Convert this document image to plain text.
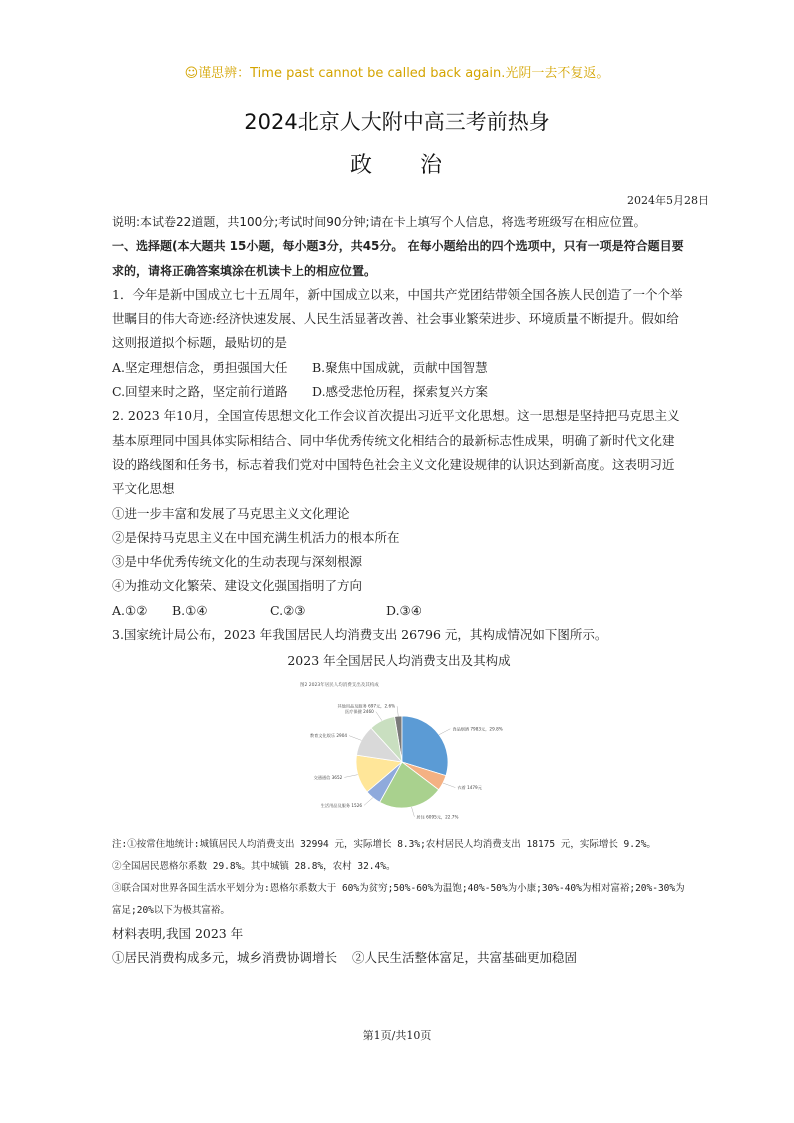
☺谨思辨：Time past cannot be called back again.光阴一去不复返。
2024北京人大附中高三考前热身
政 治
2024年5月28日

说明:本试卷22道题，共100分;考试时间90分钟;请在卡上填写个人信息，将选考班级写在相应位置。

一、选择题(本大题共 15小题，每小题3分，共45分。 在每小题给出的四个选项中，只有一项是符合题目要求的，请将正确答案填涂在机读卡上的相应位置。

1．今年是新中国成立七十五周年，新中国成立以来，中国共产党团结带领全国各族人民创造了一个个举世瞩目的伟大奇迹:经济快速发展、人民生活显著改善、社会事业繁荣进步、环境质量不断提升。假如给这则报道拟个标题，最贴切的是

A.坚定理想信念，勇担强国大任	B.聚焦中国成就，贡献中国智慧
C.回望来时之路，坚定前行道路	D.感受悲怆历程，探索复兴方案

2. 2023 年10月，全国宣传思想文化工作会议首次提出习近平文化思想。这一思想是坚持把马克思主义基本原理同中国具体实际相结合、同中华优秀传统文化相结合的最新标志性成果，明确了新时代文化建设的路线图和任务书，标志着我们党对中国特色社会主义文化建设规律的认识达到新高度。这表明习近平文化思想

①进一步丰富和发展了马克思主义文化理论

②是保持马克思主义在中国充满生机活力的根本所在

③是中华优秀传统文化的生动表现与深刻根源

④为推动文化繁荣、建设文化强国指明了方向

A.①②	B.①④	C.②③	D.③④

3.国家统计局公布，2023 年我国居民人均消费支出 26796 元，其构成情况如下图所示。

2023 年全国居民人均消费支出及其构成
图2 2023年居民人均消费支出及其构成
其他用品及服务 697元，2.6%
食品烟酒 7983元，29.8%
衣着 1479元
居住 6095元，22.7%
生活用品及服务 1526
交通通信 3652
教育文化娱乐 2904
医疗保健 2460

注:①按常住地统计:城镇居民人均消费支出 32994 元，实际增长 8.3%;农村居民人均消费支出 18175 元，实际增长 9.2%。

②全国居民恩格尔系数 29.8%。其中城镇 28.8%，农村 32.4%。

③联合国对世界各国生活水平划分为:恩格尔系数大于 60%为贫穷;50%-60%为温饱;40%-50%为小康;30%-40%为相对富裕;20%-30%为富足;20%以下为极其富裕。

材料表明,我国 2023 年

①居民消费构成多元，城乡消费协调增长	②人民生活整体富足，共富基础更加稳固
第1页/共10页
